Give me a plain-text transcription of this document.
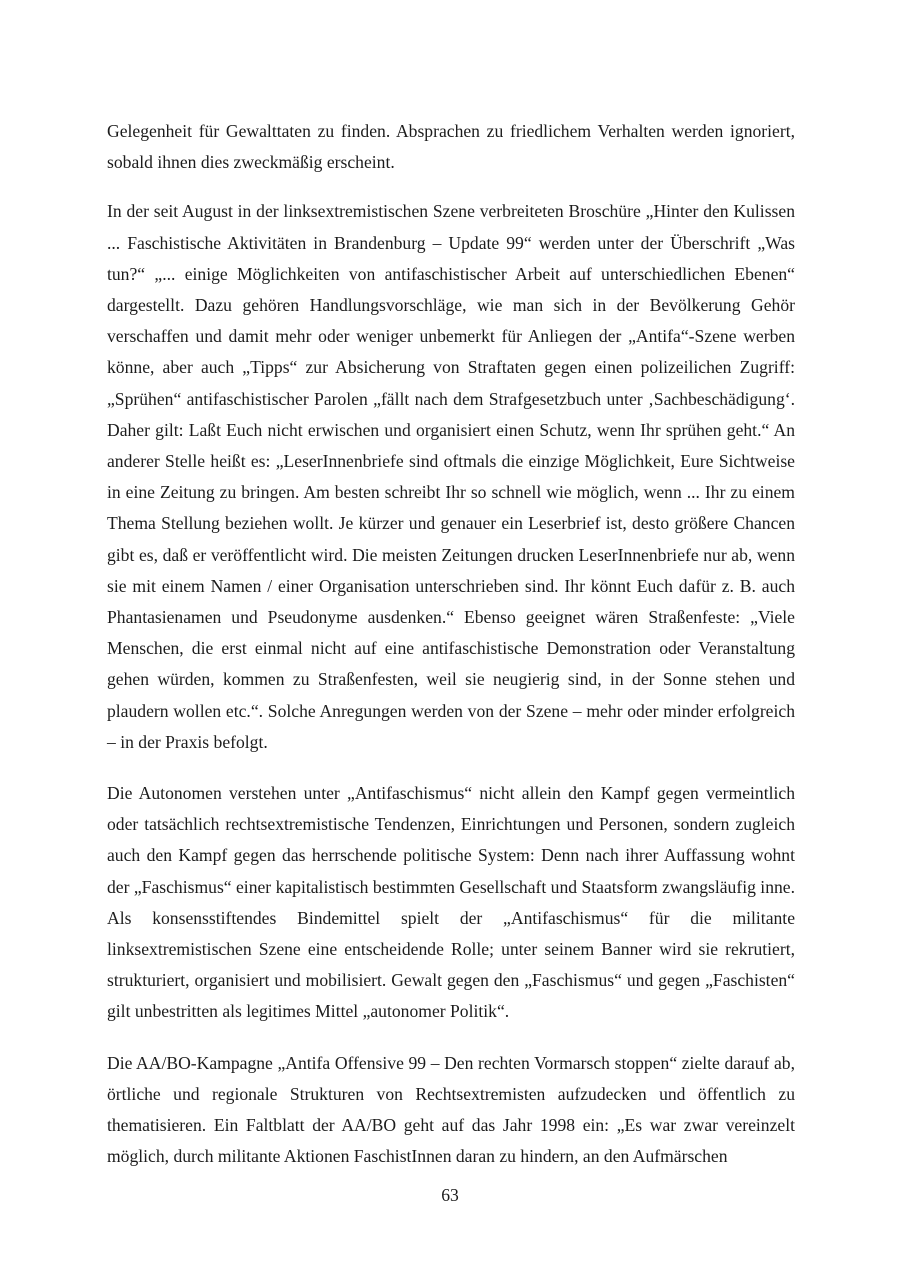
Gelegenheit für Gewalttaten zu finden. Absprachen zu friedlichem Verhalten werden ignoriert, sobald ihnen dies zweckmäßig erscheint.

In der seit August in der linksextremistischen Szene verbreiteten Broschüre „Hinter den Kulissen ... Faschistische Aktivitäten in Brandenburg – Update 99“ werden unter der Überschrift „Was tun?“ „... einige Möglichkeiten von antifaschistischer Arbeit auf unterschiedlichen Ebenen“ dargestellt. Dazu gehören Handlungsvorschläge, wie man sich in der Bevölkerung Gehör verschaffen und damit mehr oder weniger unbemerkt für Anliegen der „Antifa“-Szene werben könne, aber auch „Tipps“ zur Absicherung von Straftaten gegen einen polizeilichen Zugriff: „Sprühen“ antifaschistischer Parolen „fällt nach dem Strafgesetzbuch unter ‚Sachbeschädigung‘. Daher gilt: Laßt Euch nicht erwischen und organisiert einen Schutz, wenn Ihr sprühen geht.“ An anderer Stelle heißt es: „LeserInnenbriefe sind oftmals die einzige Möglichkeit, Eure Sichtweise in eine Zeitung zu bringen. Am besten schreibt Ihr so schnell wie möglich, wenn ... Ihr zu einem Thema Stellung beziehen wollt. Je kürzer und genauer ein Leserbrief ist, desto größere Chancen gibt es, daß er veröffentlicht wird. Die meisten Zeitungen drucken LeserInnenbriefe nur ab, wenn sie mit einem Namen / einer Organisation unterschrieben sind. Ihr könnt Euch dafür z. B. auch Phantasienamen und Pseudonyme ausdenken.“ Ebenso geeignet wären Straßenfeste: „Viele Menschen, die erst einmal nicht auf eine antifaschistische Demonstration oder Veranstaltung gehen würden, kommen zu Straßenfesten, weil sie neugierig sind, in der Sonne stehen und plaudern wollen etc.“. Solche Anregungen werden von der Szene – mehr oder minder erfolgreich – in der Praxis befolgt.

Die Autonomen verstehen unter „Antifaschismus“ nicht allein den Kampf gegen vermeintlich oder tatsächlich rechtsextremistische Tendenzen, Einrichtungen und Personen, sondern zugleich auch den Kampf gegen das herrschende politische System: Denn nach ihrer Auffassung wohnt der „Faschismus“ einer kapitalistisch bestimmten Gesellschaft und Staatsform zwangsläufig inne. Als konsensstiftendes Bindemittel spielt der „Antifaschismus“ für die militante linksextremistischen Szene eine entscheidende Rolle; unter seinem Banner wird sie rekrutiert, strukturiert, organisiert und mobilisiert. Gewalt gegen den „Faschismus“ und gegen „Faschisten“ gilt unbestritten als legitimes Mittel „autonomer Politik“.

Die AA/BO-Kampagne „Antifa Offensive 99 – Den rechten Vormarsch stoppen“ zielte darauf ab, örtliche und regionale Strukturen von Rechtsextremisten aufzudecken und öffentlich zu thematisieren. Ein Faltblatt der AA/BO geht auf das Jahr 1998 ein: „Es war zwar vereinzelt möglich, durch militante Aktionen FaschistInnen daran zu hindern, an den Aufmärschen

63
